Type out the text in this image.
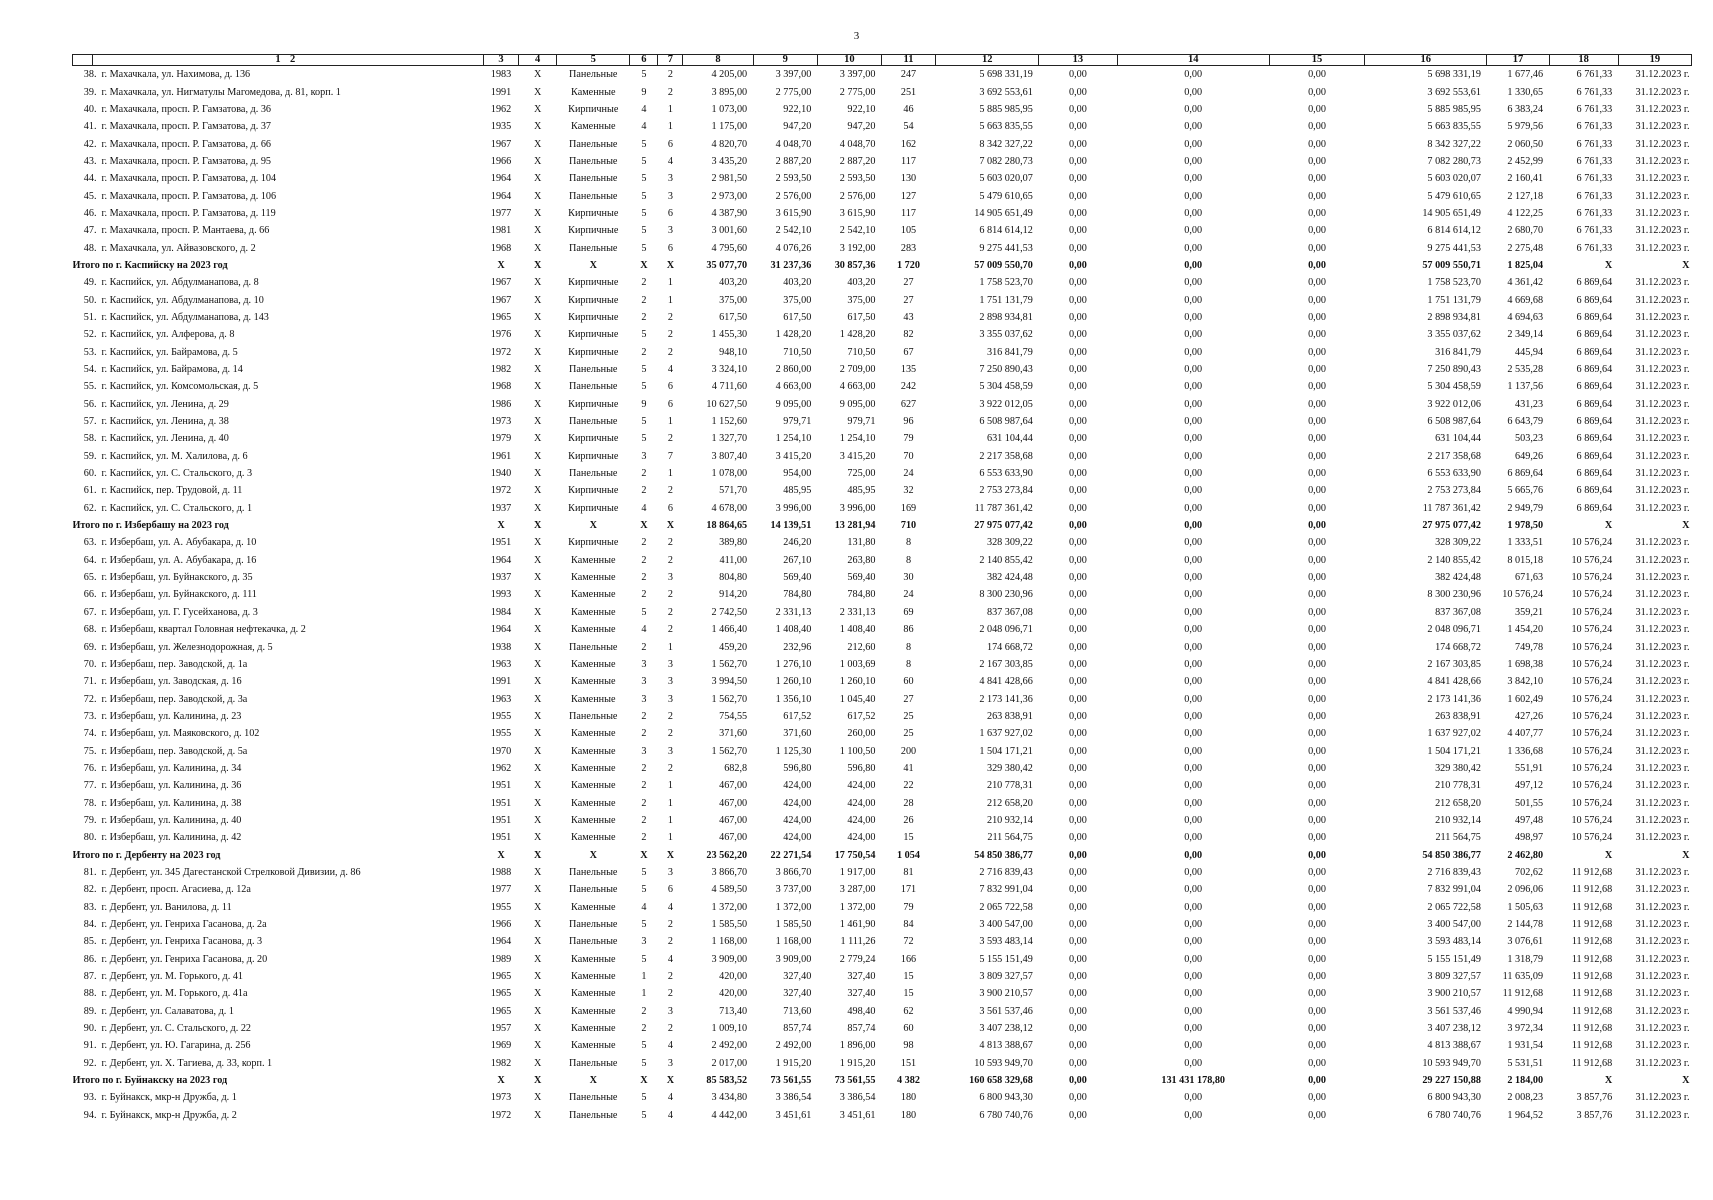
3
1	3	4	5	6	7	8	9	10	11	12	13	14	15	16	17	18	19
38. г. Махачкала, ул. Нахимова, д. 136	1983	X	Панельные	5	2	4 205,00	3 397,00	3 397,00	247	5 698 331,19	0,00	0,00	0,00	5 698 331,19	1 677,46	6 761,33	31.12.2023 г.
39. г. Махачкала, ул. Нигматулы Магомедова, д. 81, корп. 1	1991	X	Каменные	9	2	3 895,00	2 775,00	2 775,00	251	3 692 553,61	0,00	0,00	0,00	3 692 553,61	1 330,65	6 761,33	31.12.2023 г.
40. г. Махачкала, просп. Р. Гамзатова, д. 36	1962	X	Кирпичные	4	1	1 073,00	922,10	922,10	46	5 885 985,95	0,00	0,00	0,00	5 885 985,95	6 383,24	6 761,33	31.12.2023 г.
41. г. Махачкала, просп. Р. Гамзатова, д. 37	1935	X	Каменные	4	1	1 175,00	947,20	947,20	54	5 663 835,55	0,00	0,00	0,00	5 663 835,55	5 979,56	6 761,33	31.12.2023 г.
42. г. Махачкала, просп. Р. Гамзатова, д. 66	1967	X	Панельные	5	6	4 820,70	4 048,70	4 048,70	162	8 342 327,22	0,00	0,00	0,00	8 342 327,22	2 060,50	6 761,33	31.12.2023 г.
43. г. Махачкала, просп. Р. Гамзатова, д. 95	1966	X	Панельные	5	4	3 435,20	2 887,20	2 887,20	117	7 082 280,73	0,00	0,00	0,00	7 082 280,73	2 452,99	6 761,33	31.12.2023 г.
44. г. Махачкала, просп. Р. Гамзатова, д. 104	1964	X	Панельные	5	3	2 981,50	2 593,50	2 593,50	130	5 603 020,07	0,00	0,00	0,00	5 603 020,07	2 160,41	6 761,33	31.12.2023 г.
45. г. Махачкала, просп. Р. Гамзатова, д. 106	1964	X	Панельные	5	3	2 973,00	2 576,00	2 576,00	127	5 479 610,65	0,00	0,00	0,00	5 479 610,65	2 127,18	6 761,33	31.12.2023 г.
46. г. Махачкала, просп. Р. Гамзатова, д. 119	1977	X	Кирпичные	5	6	4 387,90	3 615,90	3 615,90	117	14 905 651,49	0,00	0,00	0,00	14 905 651,49	4 122,25	6 761,33	31.12.2023 г.
47. г. Махачкала, просп. Р. Мантаева, д. 66	1981	X	Кирпичные	5	3	3 001,60	2 542,10	2 542,10	105	6 814 614,12	0,00	0,00	0,00	6 814 614,12	2 680,70	6 761,33	31.12.2023 г.
48. г. Махачкала, ул. Айвазовского, д. 2	1968	X	Панельные	5	6	4 795,60	4 076,26	3 192,00	283	9 275 441,53	0,00	0,00	0,00	9 275 441,53	2 275,48	6 761,33	31.12.2023 г.
Итого по г. Каспийску на 2023 год	X	X	X	X	X	35 077,70	31 237,36	30 857,36	1 720	57 009 550,70	0,00	0,00	0,00	57 009 550,71	1 825,04	X	X
49. г. Каспийск, ул. Абдулманапова, д. 8	1967	X	Кирпичные	2	1	403,20	403,20	403,20	27	1 758 523,70	0,00	0,00	0,00	1 758 523,70	4 361,42	6 869,64	31.12.2023 г.
50. г. Каспийск, ул. Абдулманапова, д. 10	1967	X	Кирпичные	2	1	375,00	375,00	375,00	27	1 751 131,79	0,00	0,00	0,00	1 751 131,79	4 669,68	6 869,64	31.12.2023 г.
51. г. Каспийск, ул. Абдулманапова, д. 143	1965	X	Кирпичные	2	2	617,50	617,50	617,50	43	2 898 934,81	0,00	0,00	0,00	2 898 934,81	4 694,63	6 869,64	31.12.2023 г.
52. г. Каспийск, ул. Алферова, д. 8	1976	X	Кирпичные	5	2	1 455,30	1 428,20	1 428,20	82	3 355 037,62	0,00	0,00	0,00	3 355 037,62	2 349,14	6 869,64	31.12.2023 г.
53. г. Каспийск, ул. Байрамова, д. 5	1972	X	Кирпичные	2	2	948,10	710,50	710,50	67	316 841,79	0,00	0,00	0,00	316 841,79	445,94	6 869,64	31.12.2023 г.
54. г. Каспийск, ул. Байрамова, д. 14	1982	X	Панельные	5	4	3 324,10	2 860,00	2 709,00	135	7 250 890,43	0,00	0,00	0,00	7 250 890,43	2 535,28	6 869,64	31.12.2023 г.
55. г. Каспийск, ул. Комсомольская, д. 5	1968	X	Панельные	5	6	4 711,60	4 663,00	4 663,00	242	5 304 458,59	0,00	0,00	0,00	5 304 458,59	1 137,56	6 869,64	31.12.2023 г.
56. г. Каспийск, ул. Ленина, д. 29	1986	X	Кирпичные	9	6	10 627,50	9 095,00	9 095,00	627	3 922 012,05	0,00	0,00	0,00	3 922 012,06	431,23	6 869,64	31.12.2023 г.
57. г. Каспийск, ул. Ленина, д. 38	1973	X	Панельные	5	1	1 152,60	979,71	979,71	96	6 508 987,64	0,00	0,00	0,00	6 508 987,64	6 643,79	6 869,64	31.12.2023 г.
58. г. Каспийск, ул. Ленина, д. 40	1979	X	Кирпичные	5	2	1 327,70	1 254,10	1 254,10	79	631 104,44	0,00	0,00	0,00	631 104,44	503,23	6 869,64	31.12.2023 г.
59. г. Каспийск, ул. М. Халилова, д. 6	1961	X	Кирпичные	3	7	3 807,40	3 415,20	3 415,20	70	2 217 358,68	0,00	0,00	0,00	2 217 358,68	649,26	6 869,64	31.12.2023 г.
60. г. Каспийск, ул. С. Стальского, д. 3	1940	X	Панельные	2	1	1 078,00	954,00	725,00	24	6 553 633,90	0,00	0,00	0,00	6 553 633,90	6 869,64	6 869,64	31.12.2023 г.
61. г. Каспийск, пер. Трудовой, д. 11	1972	X	Кирпичные	2	2	571,70	485,95	485,95	32	2 753 273,84	0,00	0,00	0,00	2 753 273,84	5 665,76	6 869,64	31.12.2023 г.
62. г. Каспийск, ул. С. Стальского, д. 1	1937	X	Кирпичные	4	6	4 678,00	3 996,00	3 996,00	169	11 787 361,42	0,00	0,00	0,00	11 787 361,42	2 949,79	6 869,64	31.12.2023 г.
Итого по г. Избербашу на 2023 год	X	X	X	X	X	18 864,65	14 139,51	13 281,94	710	27 975 077,42	0,00	0,00	0,00	27 975 077,42	1 978,50	X	X
63. г. Избербаш, ул. А. Абубакара, д. 10	1951	X	Кирпичные	2	2	389,80	246,20	131,80	8	328 309,22	0,00	0,00	0,00	328 309,22	1 333,51	10 576,24	31.12.2023 г.
64. г. Избербаш, ул. А. Абубакара, д. 16	1964	X	Каменные	2	2	411,00	267,10	263,80	8	2 140 855,42	0,00	0,00	0,00	2 140 855,42	8 015,18	10 576,24	31.12.2023 г.
65. г. Избербаш, ул. Буйнакского, д. 35	1937	X	Каменные	2	3	804,80	569,40	569,40	30	382 424,48	0,00	0,00	0,00	382 424,48	671,63	10 576,24	31.12.2023 г.
66. г. Избербаш, ул. Буйнакского, д. 111	1993	X	Каменные	2	2	914,20	784,80	784,80	24	8 300 230,96	0,00	0,00	0,00	8 300 230,96	10 576,24	10 576,24	31.12.2023 г.
67. г. Избербаш, ул. Г. Гусейханова, д. 3	1984	X	Каменные	5	2	2 742,50	2 331,13	2 331,13	69	837 367,08	0,00	0,00	0,00	837 367,08	359,21	10 576,24	31.12.2023 г.
68. г. Избербаш, квартал Головная нефтекачка, д. 2	1964	X	Каменные	4	2	1 466,40	1 408,40	1 408,40	86	2 048 096,71	0,00	0,00	0,00	2 048 096,71	1 454,20	10 576,24	31.12.2023 г.
69. г. Избербаш, ул. Железнодорожная, д. 5	1938	X	Панельные	2	1	459,20	232,96	212,60	8	174 668,72	0,00	0,00	0,00	174 668,72	749,78	10 576,24	31.12.2023 г.
70. г. Избербаш, пер. Заводской, д. 1а	1963	X	Каменные	3	3	1 562,70	1 276,10	1 003,69	8	2 167 303,85	0,00	0,00	0,00	2 167 303,85	1 698,38	10 576,24	31.12.2023 г.
71. г. Избербаш, ул. Заводская, д. 16	1991	X	Каменные	3	3	3 994,50	1 260,10	1 260,10	60	4 841 428,66	0,00	0,00	0,00	4 841 428,66	3 842,10	10 576,24	31.12.2023 г.
72. г. Избербаш, пер. Заводской, д. 3а	1963	X	Каменные	3	3	1 562,70	1 356,10	1 045,40	27	2 173 141,36	0,00	0,00	0,00	2 173 141,36	1 602,49	10 576,24	31.12.2023 г.
73. г. Избербаш, ул. Калинина, д. 23	1955	X	Панельные	2	2	754,55	617,52	617,52	25	263 838,91	0,00	0,00	0,00	263 838,91	427,26	10 576,24	31.12.2023 г.
74. г. Избербаш, ул. Маяковского, д. 102	1955	X	Каменные	2	2	371,60	371,60	260,00	25	1 637 927,02	0,00	0,00	0,00	1 637 927,02	4 407,77	10 576,24	31.12.2023 г.
75. г. Избербаш, пер. Заводской, д. 5а	1970	X	Каменные	3	3	1 562,70	1 125,30	1 100,50	200	1 504 171,21	0,00	0,00	0,00	1 504 171,21	1 336,68	10 576,24	31.12.2023 г.
76. г. Избербаш, ул. Калинина, д. 34	1962	X	Каменные	2	2	682,8	596,80	596,80	41	329 380,42	0,00	0,00	0,00	329 380,42	551,91	10 576,24	31.12.2023 г.
77. г. Избербаш, ул. Калинина, д. 36	1951	X	Каменные	2	1	467,00	424,00	424,00	22	210 778,31	0,00	0,00	0,00	210 778,31	497,12	10 576,24	31.12.2023 г.
78. г. Избербаш, ул. Калинина, д. 38	1951	X	Каменные	2	1	467,00	424,00	424,00	28	212 658,20	0,00	0,00	0,00	212 658,20	501,55	10 576,24	31.12.2023 г.
79. г. Избербаш, ул. Калинина, д. 40	1951	X	Каменные	2	1	467,00	424,00	424,00	26	210 932,14	0,00	0,00	0,00	210 932,14	497,48	10 576,24	31.12.2023 г.
80. г. Избербаш, ул. Калинина, д. 42	1951	X	Каменные	2	1	467,00	424,00	424,00	15	211 564,75	0,00	0,00	0,00	211 564,75	498,97	10 576,24	31.12.2023 г.
Итого по г. Дербенту на 2023 год	X	X	X	X	X	23 562,20	22 271,54	17 750,54	1 054	54 850 386,77	0,00	0,00	0,00	54 850 386,77	2 462,80	X	X
81. г. Дербент, ул. 345 Дагестанской Стрелковой Дивизии, д. 86	1988	X	Панельные	5	3	3 866,70	3 866,70	1 917,00	81	2 716 839,43	0,00	0,00	0,00	2 716 839,43	702,62	11 912,68	31.12.2023 г.
82. г. Дербент, просп. Агасиева, д. 12а	1977	X	Панельные	5	6	4 589,50	3 737,00	3 287,00	171	7 832 991,04	0,00	0,00	0,00	7 832 991,04	2 096,06	11 912,68	31.12.2023 г.
83. г. Дербент, ул. Ванилова, д. 11	1955	X	Каменные	4	4	1 372,00	1 372,00	1 372,00	79	2 065 722,58	0,00	0,00	0,00	2 065 722,58	1 505,63	11 912,68	31.12.2023 г.
84. г. Дербент, ул. Генриха Гасанова, д. 2а	1966	X	Панельные	5	2	1 585,50	1 585,50	1 461,90	84	3 400 547,00	0,00	0,00	0,00	3 400 547,00	2 144,78	11 912,68	31.12.2023 г.
85. г. Дербент, ул. Генриха Гасанова, д. 3	1964	X	Панельные	3	2	1 168,00	1 168,00	1 111,26	72	3 593 483,14	0,00	0,00	0,00	3 593 483,14	3 076,61	11 912,68	31.12.2023 г.
86. г. Дербент, ул. Генриха Гасанова, д. 20	1989	X	Каменные	5	4	3 909,00	3 909,00	2 779,24	166	5 155 151,49	0,00	0,00	0,00	5 155 151,49	1 318,79	11 912,68	31.12.2023 г.
87. г. Дербент, ул. М. Горького, д. 41	1965	X	Каменные	1	2	420,00	327,40	327,40	15	3 809 327,57	0,00	0,00	0,00	3 809 327,57	11 635,09	11 912,68	31.12.2023 г.
88. г. Дербент, ул. М. Горького, д. 41а	1965	X	Каменные	1	2	420,00	327,40	327,40	15	3 900 210,57	0,00	0,00	0,00	3 900 210,57	11 912,68	11 912,68	31.12.2023 г.
89. г. Дербент, ул. Салаватова, д. 1	1965	X	Каменные	2	3	713,40	713,60	498,40	62	3 561 537,46	0,00	0,00	0,00	3 561 537,46	4 990,94	11 912,68	31.12.2023 г.
90. г. Дербент, ул. С. Стальского, д. 22	1957	X	Каменные	2	2	1 009,10	857,74	857,74	60	3 407 238,12	0,00	0,00	0,00	3 407 238,12	3 972,34	11 912,68	31.12.2023 г.
91. г. Дербент, ул. Ю. Гагарина, д. 256	1969	X	Каменные	5	4	2 492,00	2 492,00	1 896,00	98	4 813 388,67	0,00	0,00	0,00	4 813 388,67	1 931,54	11 912,68	31.12.2023 г.
92. г. Дербент, ул. Х. Тагиева, д. 33, корп. 1	1982	X	Панельные	5	3	2 017,00	1 915,20	1 915,20	151	10 593 949,70	0,00	0,00	0,00	10 593 949,70	5 531,51	11 912,68	31.12.2023 г.
Итого по г. Буйнакску на 2023 год	X	X	X	X	X	85 583,52	73 561,55	73 561,55	4 382	160 658 329,68	0,00	131 431 178,80	0,00	29 227 150,88	2 184,00	X	X
93. г. Буйнакск, мкр-н Дружба, д. 1	1973	X	Панельные	5	4	3 434,80	3 386,54	3 386,54	180	6 800 943,30	0,00	0,00	0,00	6 800 943,30	2 008,23	3 857,76	31.12.2023 г.
94. г. Буйнакск, мкр-н Дружба, д. 2	1972	X	Панельные	5	4	4 442,00	3 451,61	3 451,61	180	6 780 740,76	0,00	0,00	0,00	6 780 740,76	1 964,52	3 857,76	31.12.2023 г.
2
